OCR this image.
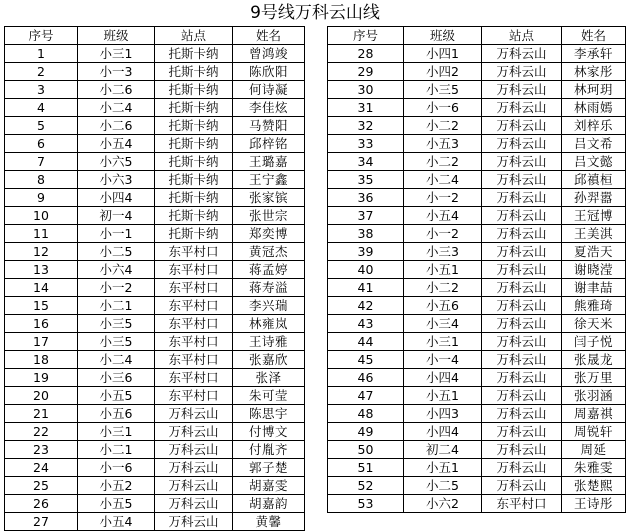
9号线万科云山线
序号	班级	站点	姓名
1	小三1	托斯卡纳	曾鸿竣
2	小一3	托斯卡纳	陈欣阳
3	小二6	托斯卡纳	何诗凝
4	小二4	托斯卡纳	李佳炫
5	小二6	托斯卡纳	马赞阳
6	小五4	托斯卡纳	邱梓铭
7	小六5	托斯卡纳	王璐嘉
8	小六3	托斯卡纳	王宁鑫
9	小四4	托斯卡纳	张家镔
10	初一4	托斯卡纳	张世宗
11	小一1	托斯卡纳	郑奕博
12	小二5	东平村口	黄冠杰
13	小六4	东平村口	蒋孟婷
14	小一2	东平村口	蒋寿溢
15	小二1	东平村口	李兴瑞
16	小三5	东平村口	林雍岚
17	小三5	东平村口	王诗雅
18	小二4	东平村口	张嘉欣
19	小三6	东平村口	张泽
20	小五5	东平村口	朱可莹
21	小五6	万科云山	陈思宇
22	小三1	万科云山	付博文
23	小二1	万科云山	付胤齐
24	小一6	万科云山	郭子楚
25	小五2	万科云山	胡嘉雯
26	小五5	万科云山	胡嘉韵
27	小五4	万科云山	黄馨
序号	班级	站点	姓名
28	小四1	万科云山	李承轩
29	小四2	万科云山	林家彤
30	小三5	万科云山	林珂玥
31	小一6	万科云山	林雨嫣
32	小二2	万科云山	刘梓乐
33	小五3	万科云山	吕文希
34	小二2	万科云山	吕文懿
35	小二4	万科云山	邱禛桓
36	小一2	万科云山	孙羿嚣
37	小五4	万科云山	王冠博
38	小一2	万科云山	王美淇
39	小三3	万科云山	夏浩天
40	小五1	万科云山	谢晓滢
41	小二2	万科云山	谢聿喆
42	小五6	万科云山	熊雅琦
43	小三4	万科云山	徐天米
44	小三1	万科云山	闫子悦
45	小一4	万科云山	张晟龙
46	小四4	万科云山	张万里
47	小五1	万科云山	张羽涵
48	小四3	万科云山	周嘉祺
49	小四4	万科云山	周锐轩
50	初二4	万科云山	周延
51	小五1	万科云山	朱雅雯
52	小二5	万科云山	张楚熙
53	小六2	东平村口	王诗彤
